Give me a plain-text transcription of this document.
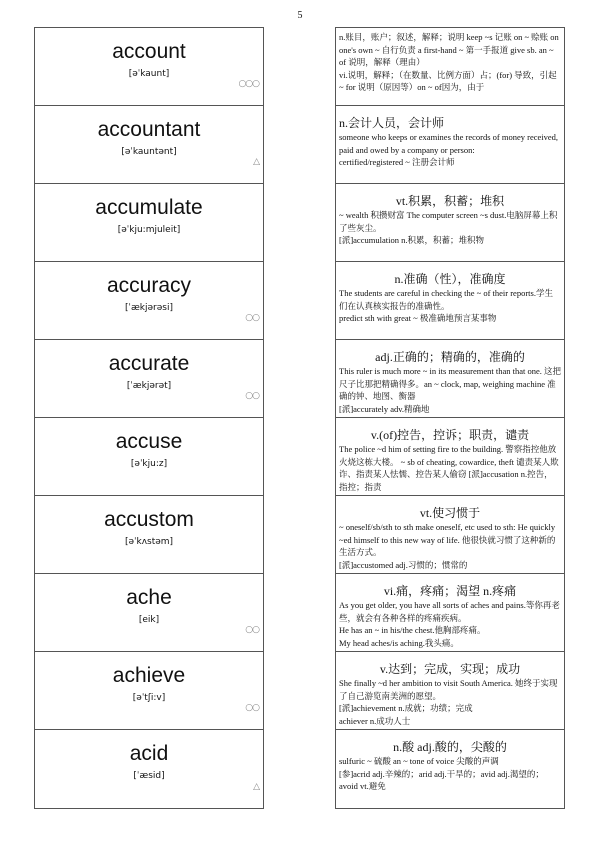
5
account
[əˈkaunt]
○○○
accountant
[əˈkauntənt]
△
accumulate
[əˈkju:mjuleit]
accuracy
[ˈækjərəsi]
○○
accurate
[ˈækjərət]
○○
accuse
[əˈkju:z]
accustom
[əˈkʌstəm]
ache
[eik]
○○
achieve
[əˈtʃi:v]
○○
acid
[ˈæsid]
△
n.账目，账户；叙述，解释；说明 keep ~s 记账 on ~ 赊账 on one's own ~ 自行负责 a first-hand ~ 第一手报道 give sb. an ~ of 说明，解释（理由）
vi.说明，解释；（在数量、比例方面）占；(for) 导致，引起~ for 说明（原因等）on ~ of因为，由于
n.会计人员，会计师
someone who keeps or examines the records of money received, paid and owed by a company or person:
certified/registered ~ 注册会计师
vt.积累，积蓄；堆积
~ wealth 积攒财富 The computer screen ~s dust.电脑屏幕上积了些灰尘。
[派]accumulation n.积累，积蓄；堆积物
n.准确（性），准确度
The students are careful in checking the ~ of their reports.学生们在认真核实报告的准确性。
predict sth with great ~ 极准确地预言某事物
adj.正确的；精确的，准确的
This ruler is much more ~ in its measurement than that one. 这把尺子比那把精确得多。an ~ clock, map, weighing machine 准确的钟、地图、衡器
[派]accurately adv.精确地
v.(of)控告，控诉；职责，谴责
The police ~d him of setting fire to the building. 警察指控他放火烧这栋大楼。 ~ sb of cheating, cowardice, theft 谴责某人欺诈、指责某人怯懦、控告某人偷窃 [派]accusation n.控告，指控；指责
vt.使习惯于
~ oneself/sb/sth to sth make oneself, etc used to sth: He quickly ~ed himself to this new way of life. 他很快就习惯了这种新的生活方式。
[派]accustomed adj.习惯的；惯常的
vi.痛，疼痛；渴望 n.疼痛
As you get older, you have all sorts of aches and pains.等你再老些，就会有各种各样的疼痛疾病。
He has an ~ in his/the chest.他胸部疼痛。
My head aches/is aching.我头痛。
v.达到；完成，实现；成功
She finally ~d her ambition to visit South America. 她终于实现了自己游览南美洲的愿望。
[派]achievement n.成就；功绩；完成
achiever n.成功人士
n.酸 adj.酸的，尖酸的
sulfuric ~ 硫酸 an ~ tone of voice 尖酸的声调
[参]acrid adj.辛辣的；arid adj.干旱的；avid adj.渴望的；avoid vt.避免
